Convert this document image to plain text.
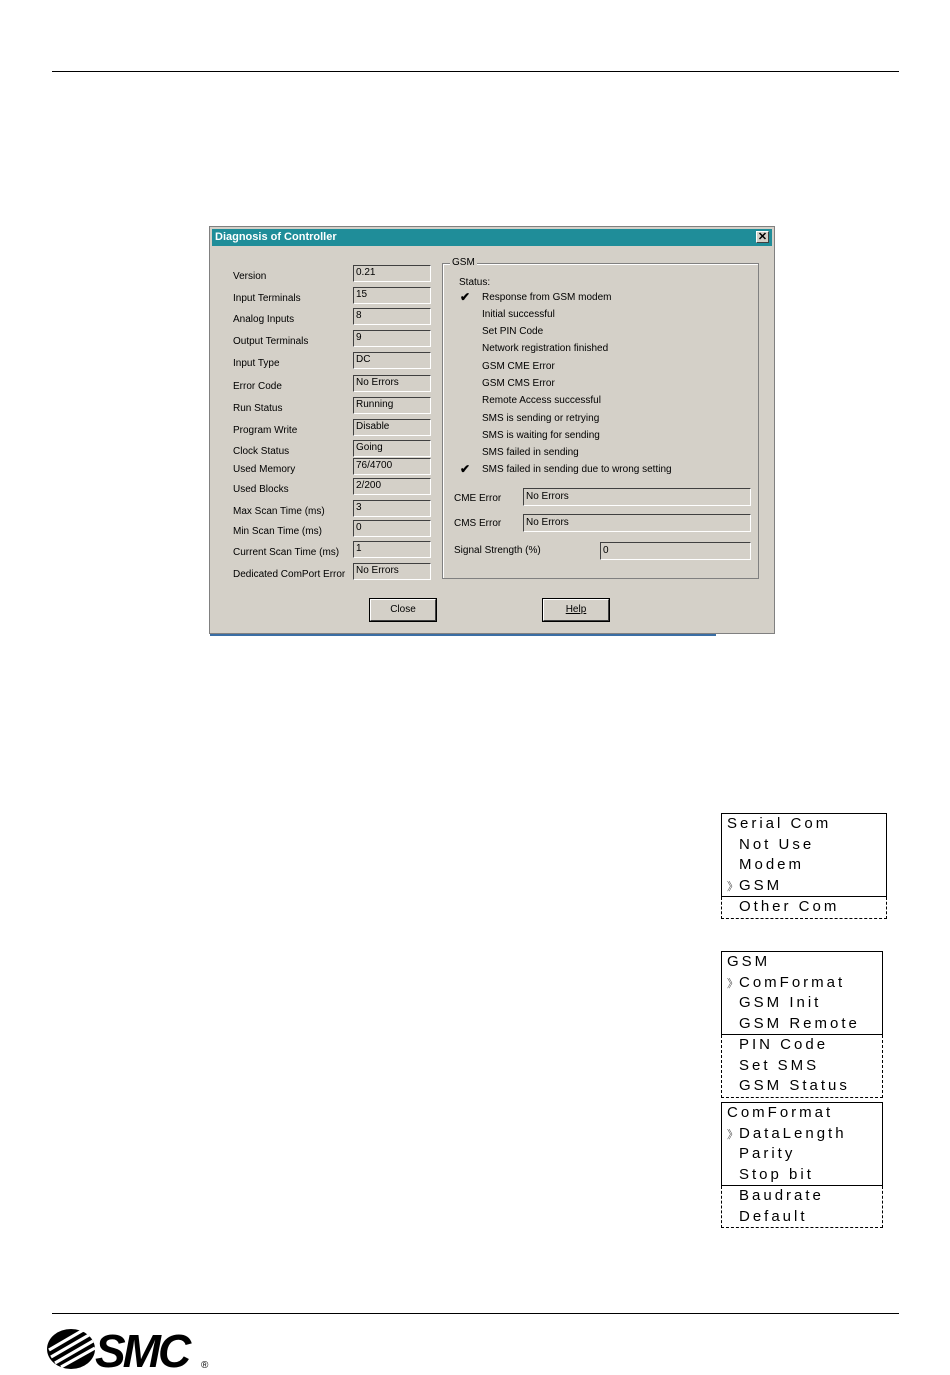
Diagnosis of Controller	✕
Version	0.21
Input Terminals	15
Analog Inputs	8
Output Terminals	9
Input Type	DC
Error Code	No Errors
Run Status	Running
Program Write	Disable
Clock Status	Going
Used Memory	76/4700
Used Blocks	2/200
Max Scan Time (ms)	3
Min Scan Time (ms)	0
Current Scan Time (ms)	1
Dedicated ComPort Error	No Errors
GSM
Status:
✔ Response from GSM modem
Initial successful
Set PIN Code
Network registration finished
GSM CME Error
GSM CMS Error
Remote Access successful
SMS is sending or retrying
SMS is waiting for sending
SMS failed in sending
✔ SMS failed in sending due to wrong setting
CME Error	No Errors
CMS Error	No Errors
Signal Strength (%)	0
Close	Help
Serial Com
Not Use
Modem
》GSM
Other Com
GSM
》ComFormat
GSM Init
GSM Remote
PIN Code
Set SMS
GSM Status
ComFormat
》DataLength
Parity
Stop bit
Baudrate
Default
SMC	®
